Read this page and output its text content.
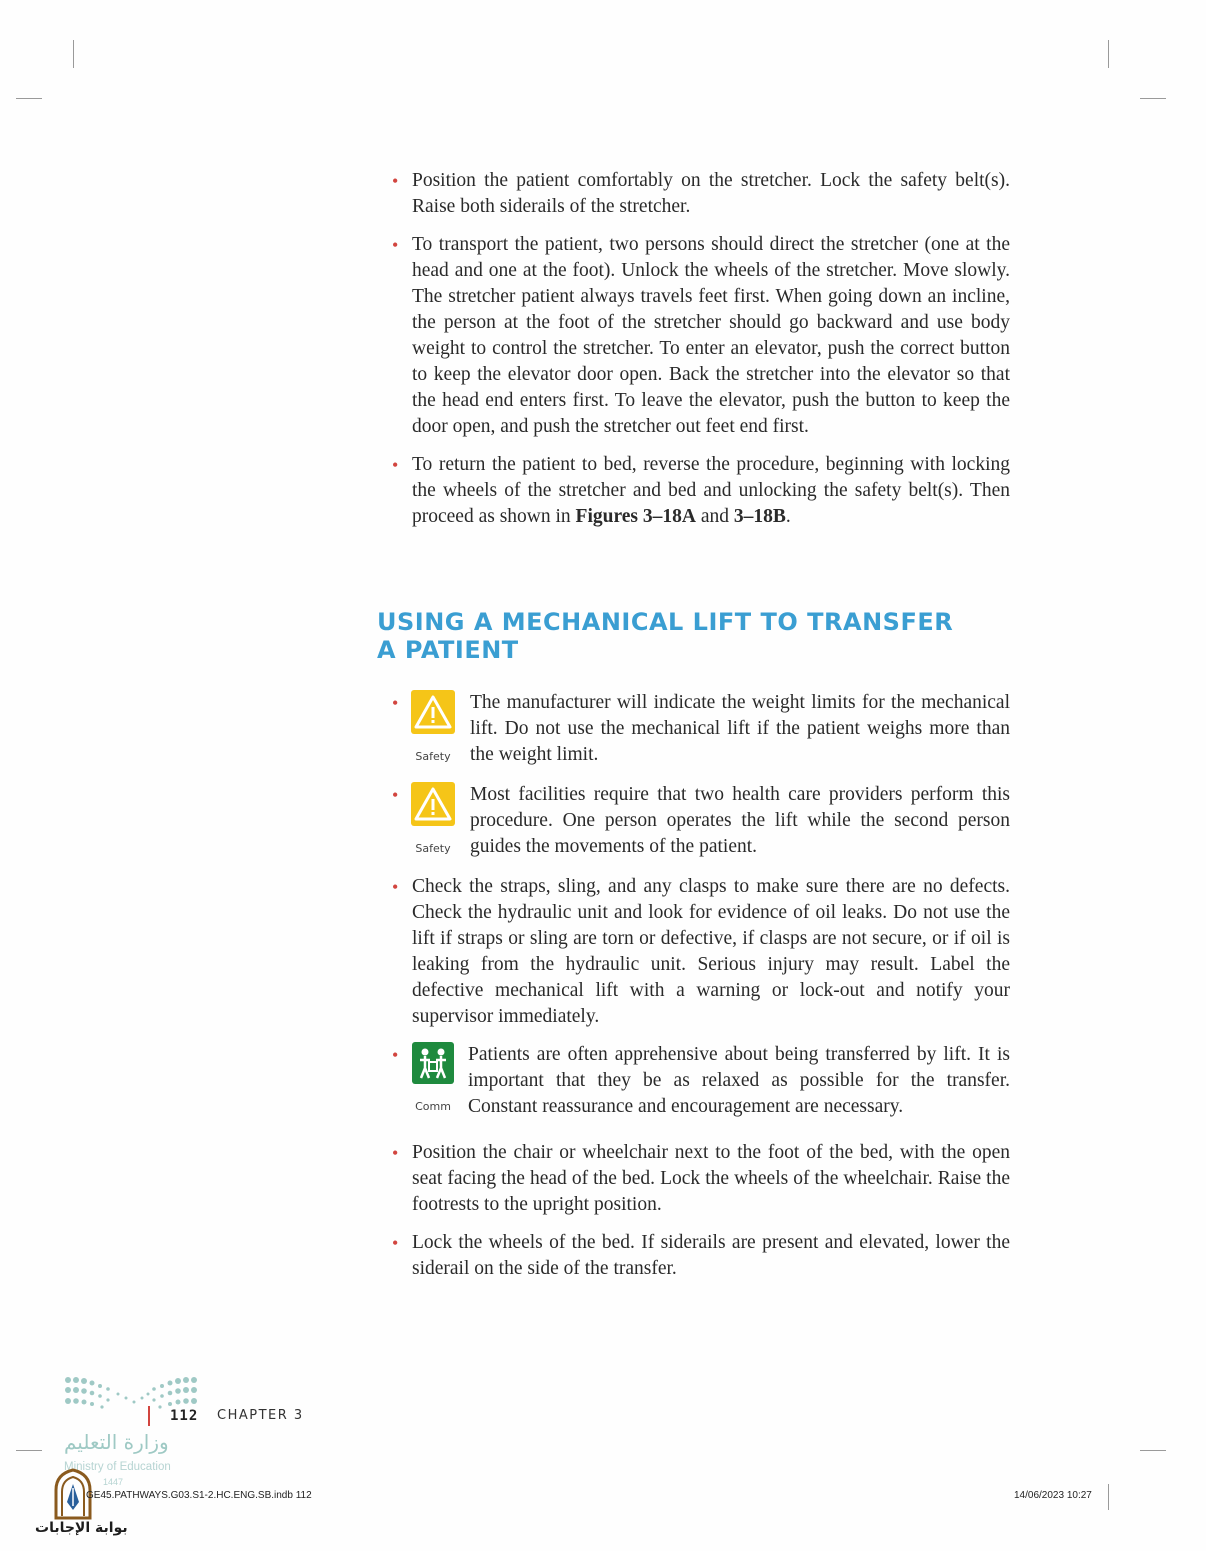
• Position the patient comfortably on the stretcher. Lock the safety belt(s). Raise both siderails of the stretcher.
• To transport the patient, two persons should direct the stretcher (one at the head and one at the foot). Unlock the wheels of the stretcher. Move slowly. The stretcher patient always travels feet first. When going down an incline, the person at the foot of the stretcher should go backward and use body weight to control the stretcher. To enter an elevator, push the correct button to keep the elevator door open. Back the stretcher into the elevator so that the head end enters first. To leave the elevator, push the button to keep the door open, and push the stretcher out feet end first.
• To return the patient to bed, reverse the procedure, beginning with locking the wheels of the stretcher and bed and unlocking the safety belt(s). Then proceed as shown in Figures 3–18A and 3–18B.
USING A MECHANICAL LIFT TO TRANSFER
A PATIENT
• Safety
The manufacturer will indicate the weight limits for the mechanical lift. Do not use the mechanical lift if the patient weighs more than the weight limit.
• Safety
Most facilities require that two health care providers perform this procedure. One person operates the lift while the second person guides the movements of the patient.
• Check the straps, sling, and any clasps to make sure there are no defects. Check the hydraulic unit and look for evidence of oil leaks. Do not use the lift if straps or sling are torn or defective, if clasps are not secure, or if oil is leaking from the hydraulic unit. Serious injury may result. Label the defective mechanical lift with a warning or lock-out and notify your supervisor immediately.
• Comm
Patients are often apprehensive about being transferred by lift. It is important that they be as relaxed as possible for the transfer. Constant reassurance and encouragement are necessary.
• Position the chair or wheelchair next to the foot of the bed, with the open seat facing the head of the bed. Lock the wheels of the wheelchair. Raise the footrests to the upright position.
• Lock the wheels of the bed. If siderails are present and elevated, lower the siderail on the side of the transfer.
112 CHAPTER 3
وزارة التعليم
Ministry of Education
1447
GE45.PATHWAYS.G03.S1-2.HC.ENG.SB.indb 112	14/06/2023 10:27
بوابة الإجابات
